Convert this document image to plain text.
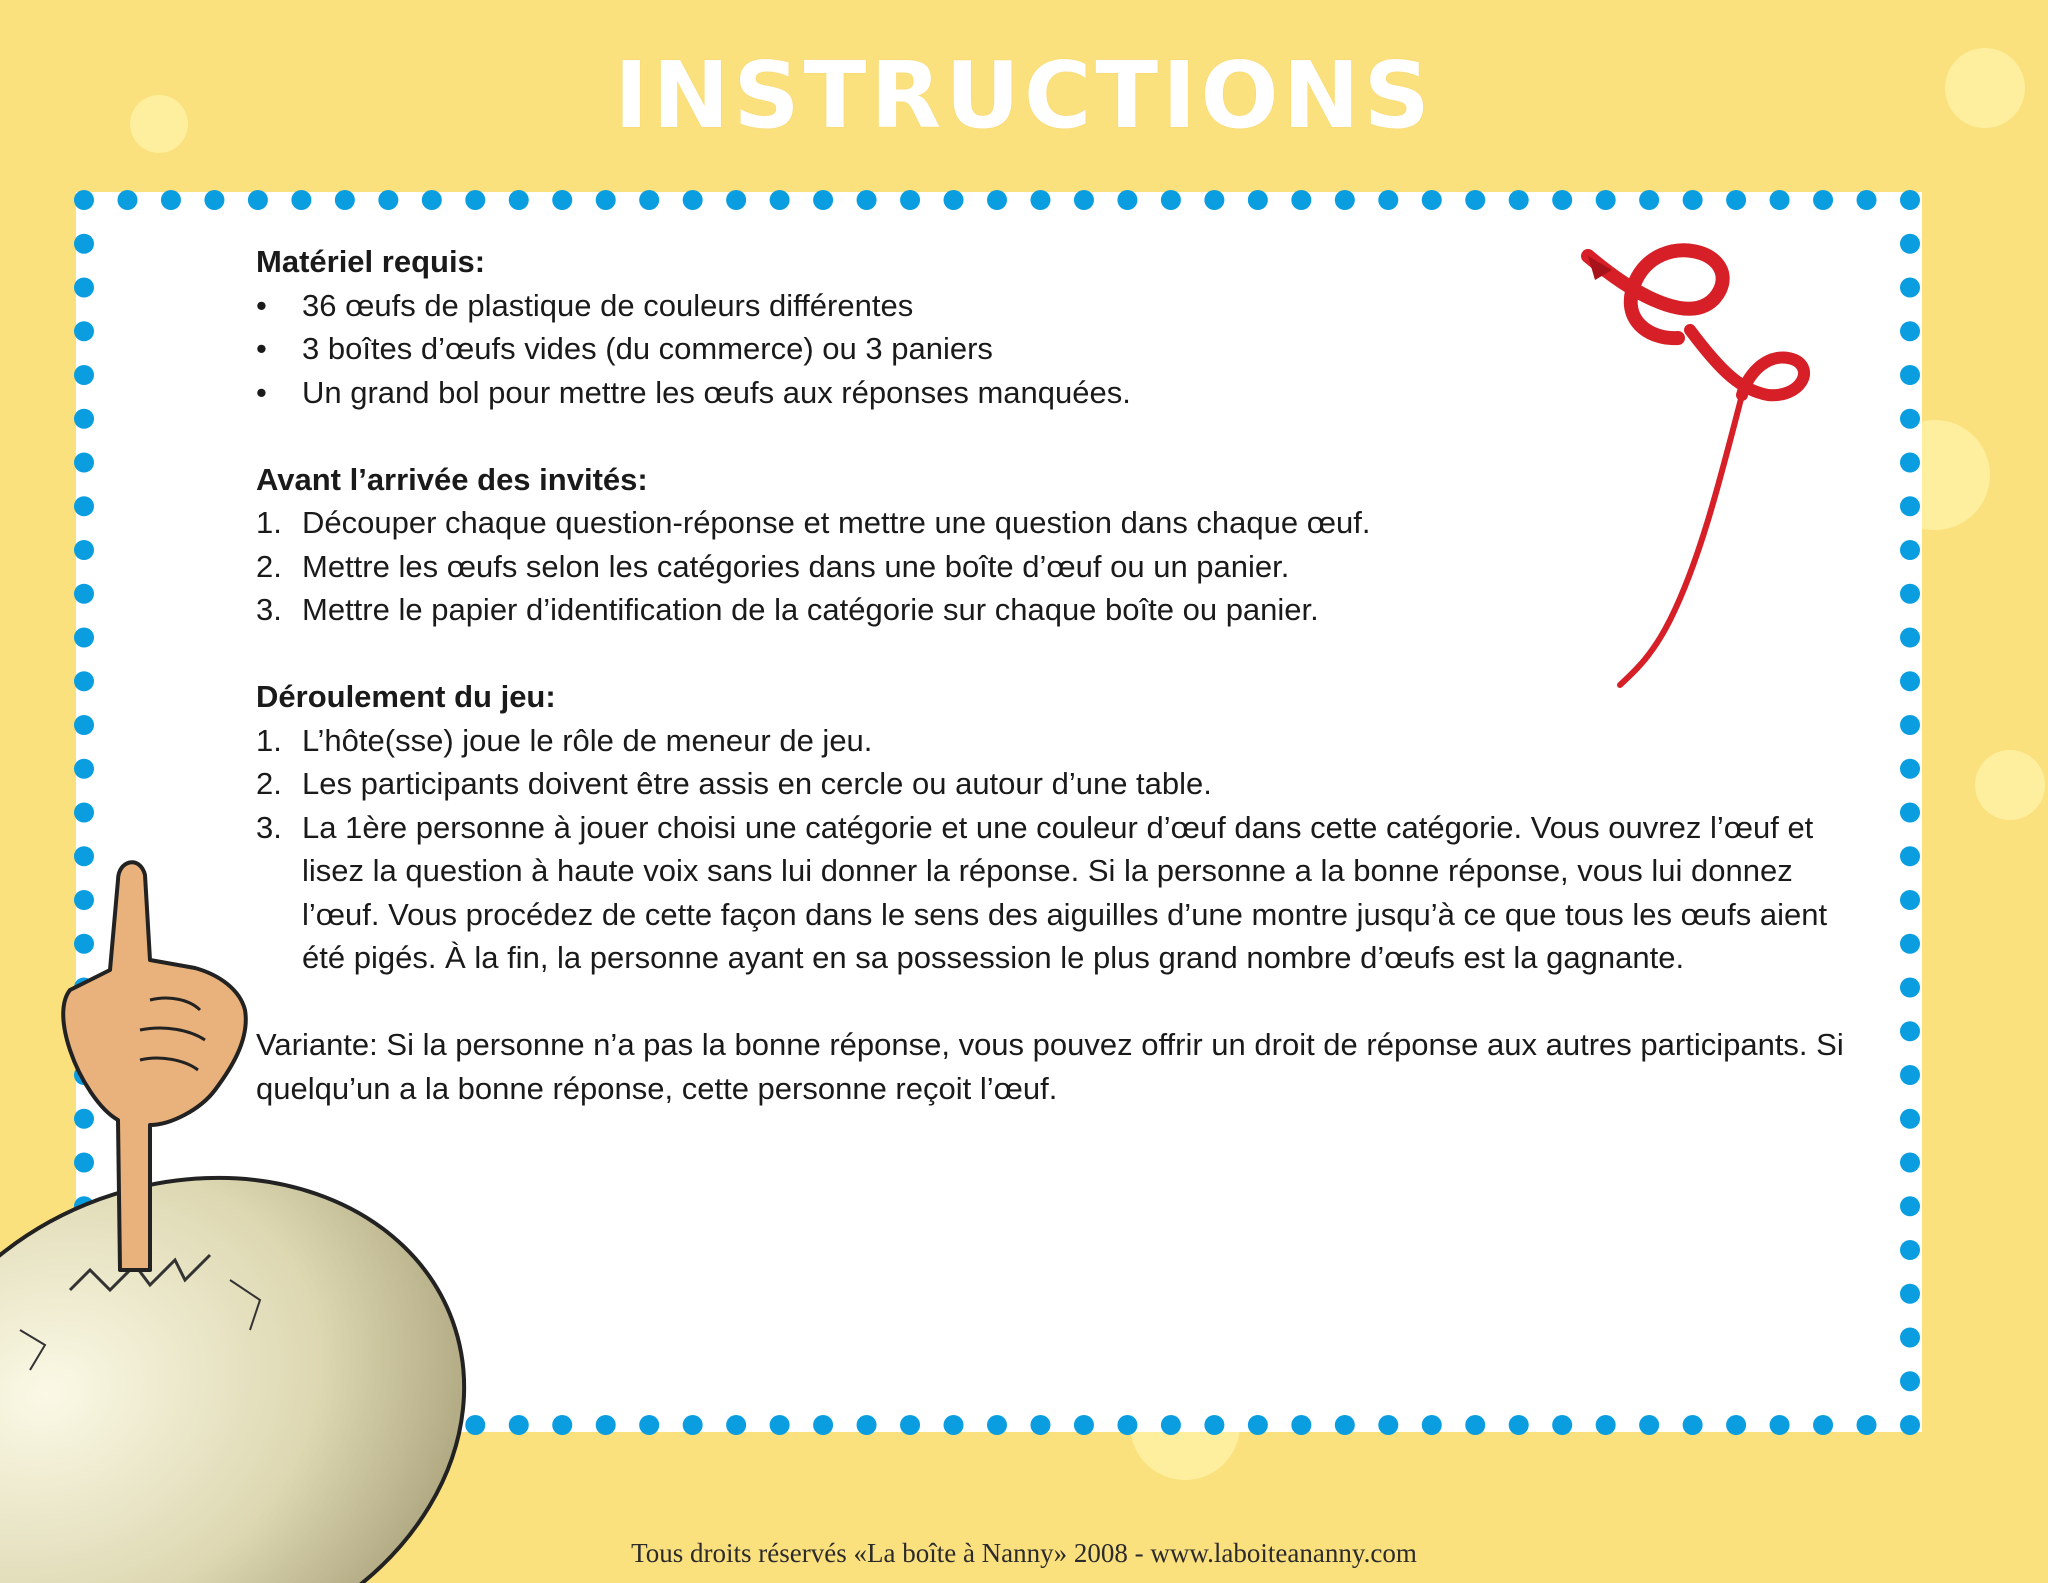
INSTRUCTIONS

Matériel requis:

•	36 œufs de plastique de couleurs différentes
•	3 boîtes d’œufs vides (du commerce) ou 3 paniers
•	Un grand bol pour mettre les œufs aux réponses manquées.

Avant l’arrivée des invités:

1. Découper chaque question-réponse et mettre une question dans chaque œuf.
2. Mettre les œufs selon les catégories dans une boîte d’œuf ou un panier.
3. Mettre le papier d’identification de la catégorie sur chaque boîte ou panier.

Déroulement du jeu:

1. L’hôte(sse) joue le rôle de meneur de jeu.
2. Les participants doivent être assis en cercle ou autour d’une table.
3. La 1ère personne à jouer choisi une catégorie et une couleur d’œuf dans cette catégorie. Vous ouvrez l’œuf et lisez la question à haute voix sans lui donner la réponse. Si la personne a la bonne réponse, vous lui donnez l’œuf. Vous procédez de cette façon dans le sens des aiguilles d’une montre jusqu’à ce que tous les œufs aient été pigés. À la fin, la personne ayant en sa possession le plus grand nombre d’œufs est la gagnante.

Variante: Si la personne n’a pas la bonne réponse, vous pouvez offrir un droit de réponse aux autres participants. Si quelqu’un a la bonne réponse, cette personne reçoit l’œuf.

Tous droits réservés «La boîte à Nanny» 2008 - www.laboiteananny.com
